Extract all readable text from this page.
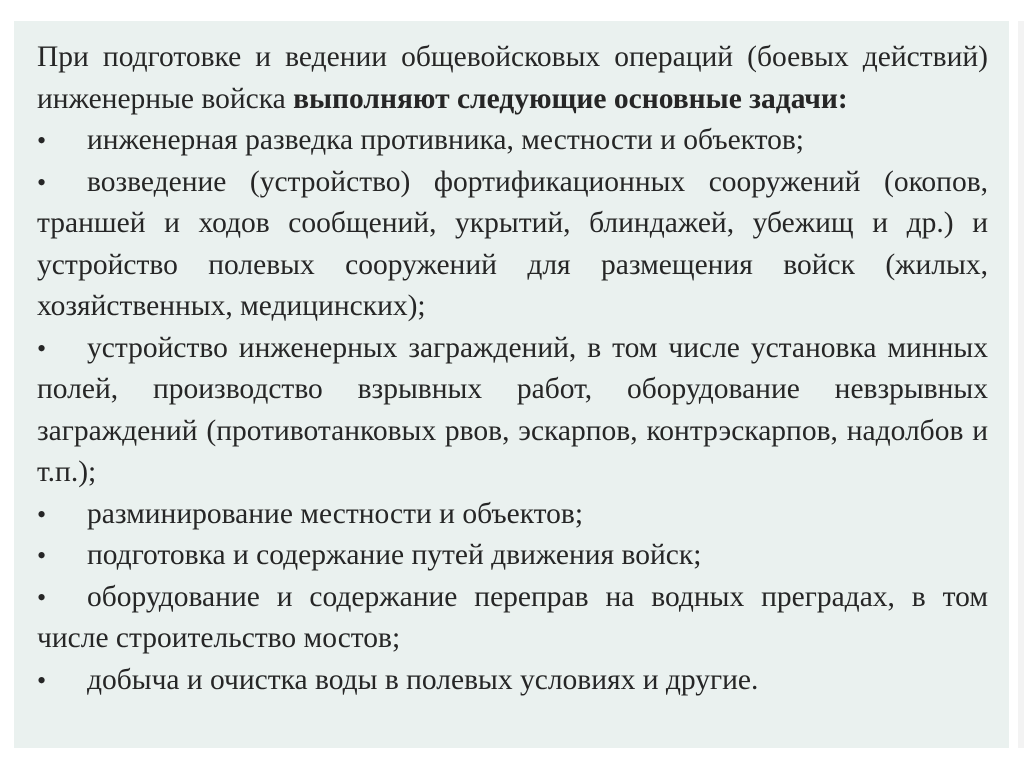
При подготовке и ведении общевойсковых операций (боевых действий) инженерные войска выполняют следующие основные задачи:

• инженерная разведка противника, местности и объектов;

• возведение (устройство) фортификационных сооружений (окопов, траншей и ходов сообщений, укрытий, блиндажей, убежищ и др.) и устройство полевых сооружений для размещения войск (жилых, хозяйственных, медицинских);

• устройство инженерных заграждений, в том числе установка минных полей, производство взрывных работ, оборудование невзрывных заграждений (противотанковых рвов, эскарпов, контрэскарпов, надолбов и т.п.);

• разминирование местности и объектов;

• подготовка и содержание путей движения войск;

• оборудование и содержание переправ на водных преградах, в том числе строительство мостов;

• добыча и очистка воды в полевых условиях и другие.
